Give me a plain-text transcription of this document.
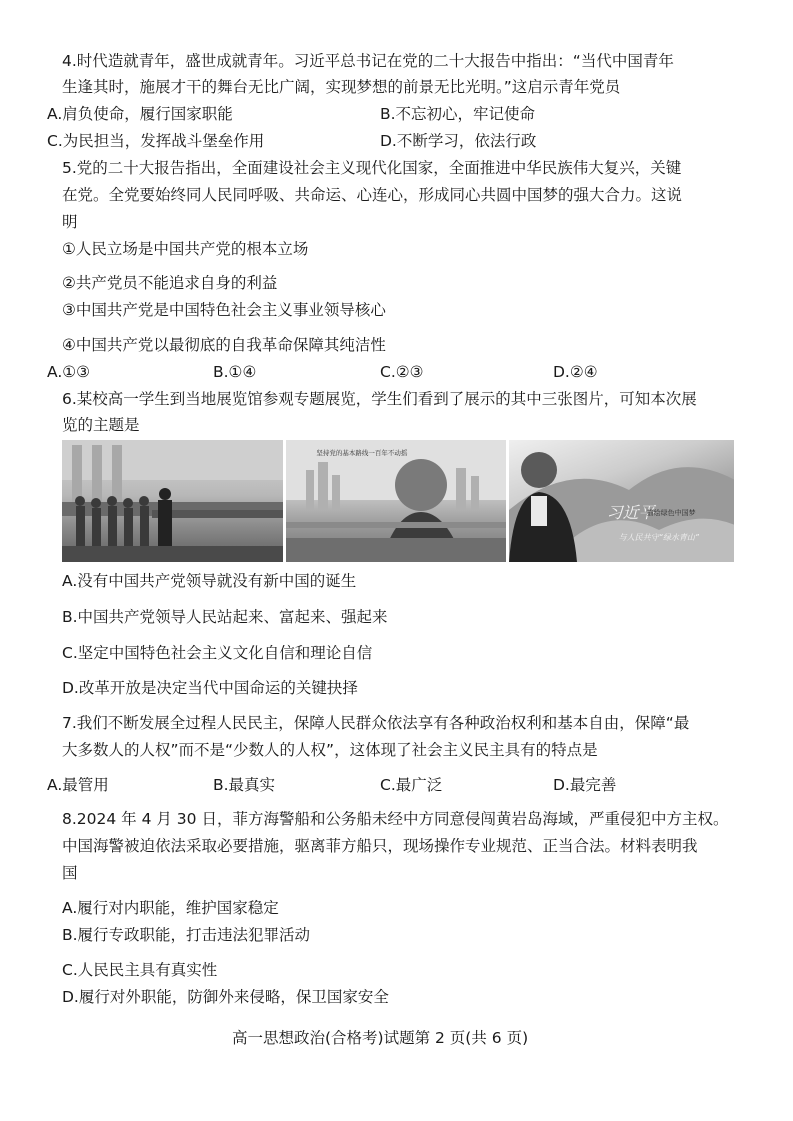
4.时代造就青年，盛世成就青年。习近平总书记在党的二十大报告中指出：“当代中国青年
生逢其时，施展才干的舞台无比广阔，实现梦想的前景无比光明。”这启示青年党员
A.肩负使命，履行国家职能	B.不忘初心，牢记使命
C.为民担当，发挥战斗堡垒作用	D.不断学习，依法行政
5.党的二十大报告指出，全面建设社会主义现代化国家，全面推进中华民族伟大复兴，关键
在党。全党要始终同人民同呼吸、共命运、心连心，形成同心共圆中国梦的强大合力。这说
明
①人民立场是中国共产党的根本立场
②共产党员不能追求自身的利益
③中国共产党是中国特色社会主义事业领导核心
④中国共产党以最彻底的自我革命保障其纯洁性
A.①③	B.①④	C.②③	D.②④
6.某校高一学生到当地展览馆参观专题展览，学生们看到了展示的其中三张图片，可知本次展
览的主题是
坚持党的基本路线一百年不动摇
习近平
描绘绿色中国梦
与人民共守“绿水青山”
A.没有中国共产党领导就没有新中国的诞生
B.中国共产党领导人民站起来、富起来、强起来
C.坚定中国特色社会主义文化自信和理论自信
D.改革开放是决定当代中国命运的关键抉择
7.我们不断发展全过程人民民主，保障人民群众依法享有各种政治权利和基本自由，保障“最
大多数人的人权”而不是“少数人的人权”，这体现了社会主义民主具有的特点是
A.最管用	B.最真实	C.最广泛	D.最完善
8.2024 年 4 月 30 日，菲方海警船和公务船未经中方同意侵闯黄岩岛海域，严重侵犯中方主权。
中国海警被迫依法采取必要措施，驱离菲方船只，现场操作专业规范、正当合法。材料表明我
国
A.履行对内职能，维护国家稳定
B.履行专政职能，打击违法犯罪活动
C.人民民主具有真实性
D.履行对外职能，防御外来侵略，保卫国家安全
高一思想政治(合格考)试题第 2 页(共 6 页)
